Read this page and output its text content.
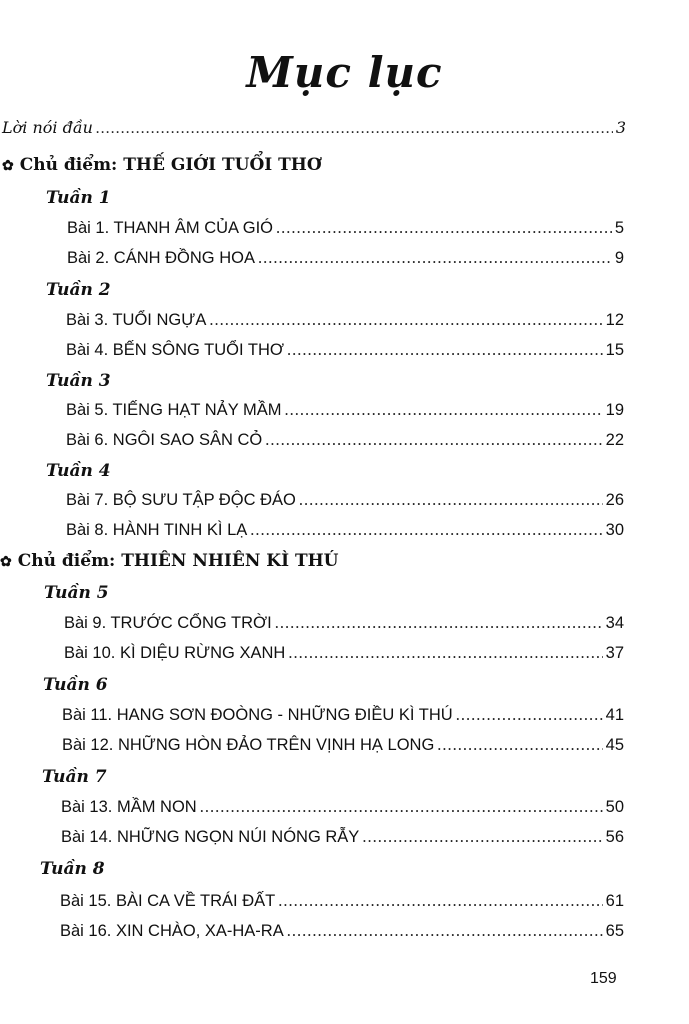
Mục lục
Lời nói đầu .....	3
✿ Chủ điểm: THẾ GIỚI TUỔI THƠ
Tuần 1
Bài 1. THANH ÂM CỦA GIÓ .....	5
Bài 2. CÁNH ĐỒNG HOA .....	9
Tuần 2
Bài 3. TUỔI NGỰA .....	12
Bài 4. BẾN SÔNG TUỔI THƠ .....	15
Tuần 3
Bài 5. TIẾNG HẠT NẢY MẦM .....	19
Bài 6. NGÔI SAO SÂN CỎ .....	22
Tuần 4
Bài 7. BỘ SƯU TẬP ĐỘC ĐÁO .....	26
Bài 8. HÀNH TINH KÌ LẠ .....	30
✿ Chủ điểm: THIÊN NHIÊN KÌ THÚ
Tuần 5
Bài 9. TRƯỚC CỔNG TRỜI .....	34
Bài 10. KÌ DIỆU RỪNG XANH .....	37
Tuần 6
Bài 11. HANG SƠN ĐOÒNG - NHỮNG ĐIỀU KÌ THÚ .....	41
Bài 12. NHỮNG HÒN ĐẢO TRÊN VỊNH HẠ LONG .....	45
Tuần 7
Bài 13. MẦM NON .....	50
Bài 14. NHỮNG NGỌN NÚI NÓNG RẪY .....	56
Tuần 8
Bài 15. BÀI CA VỀ TRÁI ĐẤT .....	61
Bài 16. XIN CHÀO, XA-HA-RA .....	65
159
